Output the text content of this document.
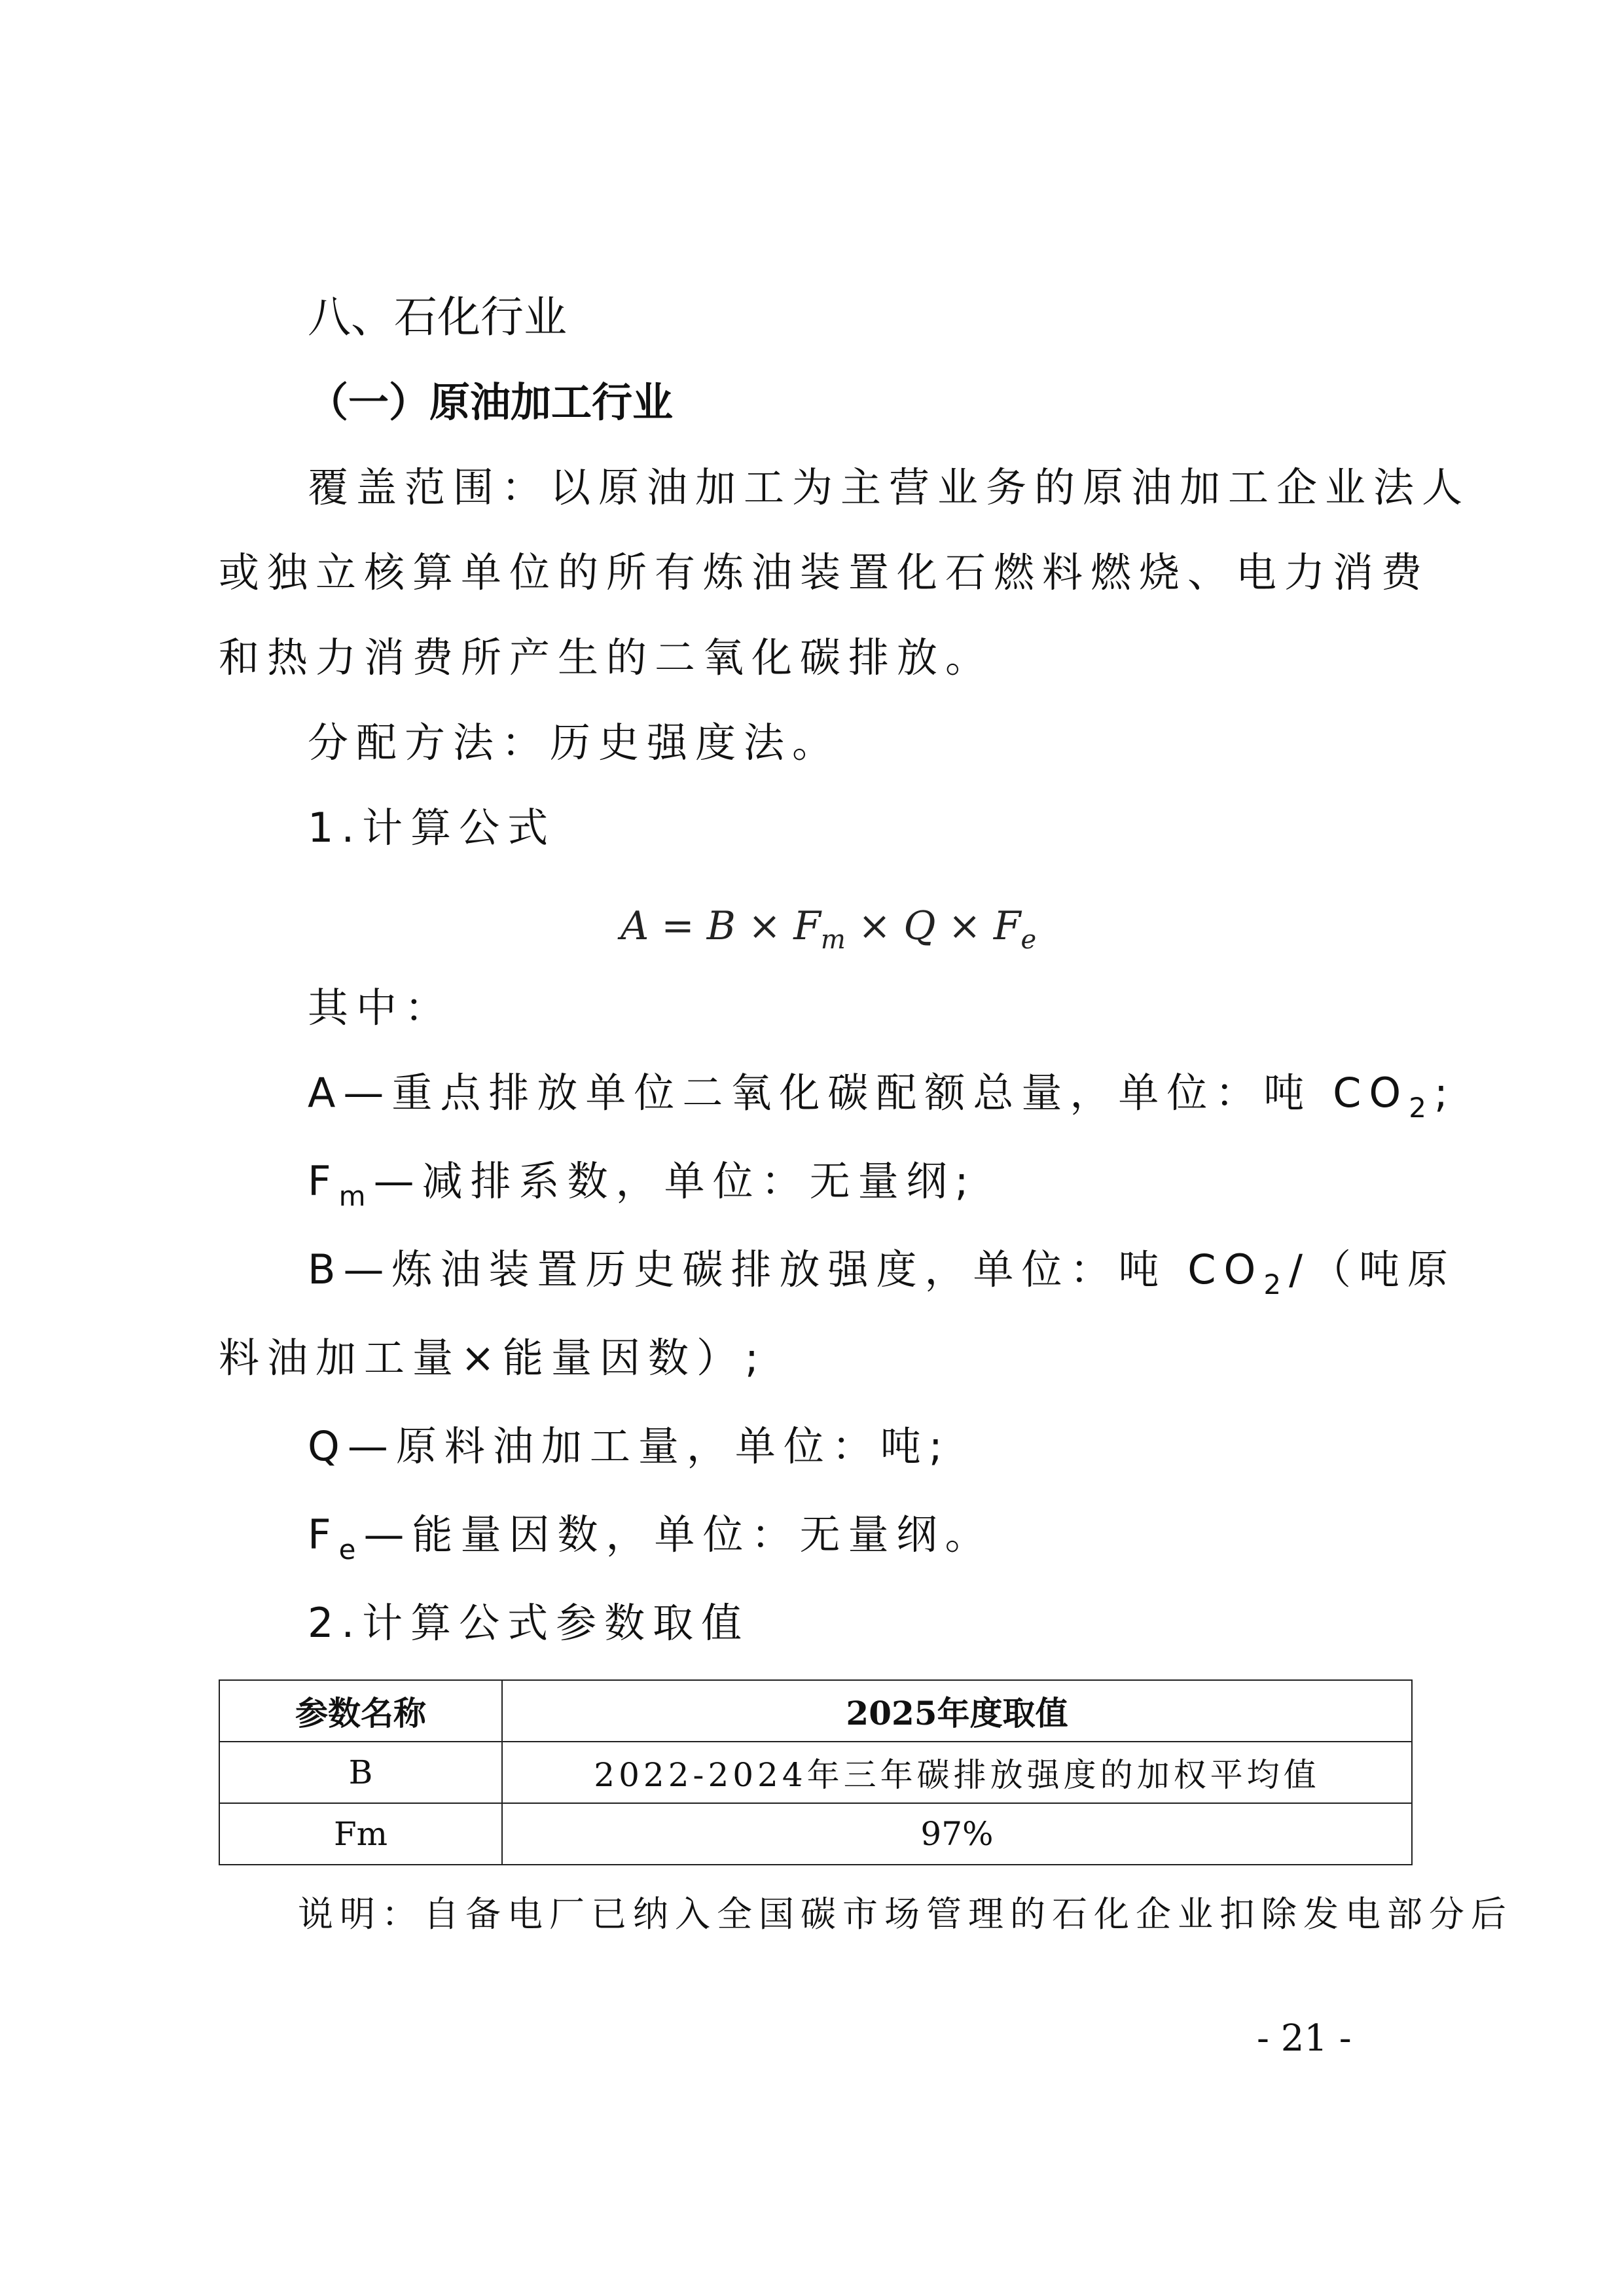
八、石化行业
（一）原油加工行业
覆盖范围：以原油加工为主营业务的原油加工企业法人
或独立核算单位的所有炼油装置化石燃料燃烧、电力消费
和热力消费所产生的二氧化碳排放。
分配方法：历史强度法。
1.计算公式
$A = B \times F_m \times Q \times F_e$
其中：
A—重点排放单位二氧化碳配额总量，单位：吨 $CO_2$;
$F_m—$减排系数，单位：无量纲;
B—炼油装置历史碳排放强度，单位：吨 $CO_2/$（吨原
料油加工量×能量因数）;
Q—原料油加工量，单位：吨;
$F_e—$能量因数，单位：无量纲。
2.计算公式参数取值
参数名称	2025年度取值
B	2022-2024年三年碳排放强度的加权平均值
Fm	97%
说明：自备电厂已纳入全国碳市场管理的石化企业扣除发电部分后
- 21 -
